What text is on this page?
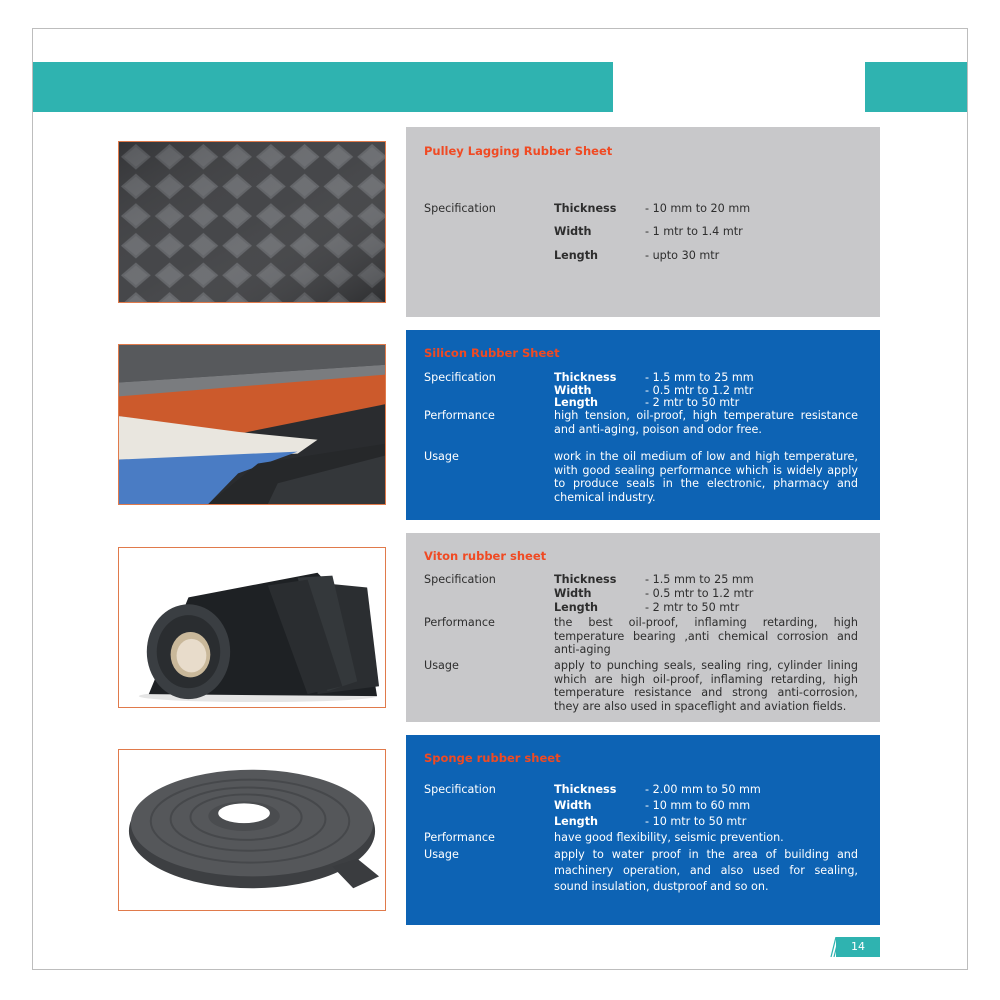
Pulley Lagging Rubber Sheet
Specification	Thickness	- 10 mm to 20 mm
Width	- 1 mtr to 1.4 mtr
Length	- upto 30 mtr
Silicon Rubber Sheet
Specification	Thickness	- 1.5 mm to 25 mm
Width	- 0.5 mtr to 1.2 mtr
Length	- 2 mtr to 50 mtr
Performance	high tension, oil-proof, high temperature resistance and anti-aging, poison and odor free.
Usage	work in the oil medium of low and high temperature, with good sealing performance which is widely apply to produce seals in the electronic, pharmacy and chemical industry.
Viton rubber sheet
Specification	Thickness	- 1.5 mm to 25 mm
Width	- 0.5 mtr to 1.2 mtr
Length	- 2 mtr to 50 mtr
Performance	the best oil-proof, inflaming retarding, high temperature bearing ,anti chemical corrosion and anti-aging
Usage	apply to punching seals, sealing ring, cylinder lining which are high oil-proof, inflaming retarding, high temperature resistance and strong anti-corrosion, they are also used in spaceflight and aviation fields.
Sponge rubber sheet
Specification	Thickness	- 2.00 mm to 50 mm
Width	- 10 mm to 60 mm
Length	- 10 mtr to 50 mtr
Performance	have good flexibility, seismic prevention.
Usage	apply to water proof in the area of building and machinery operation, and also used for sealing, sound insulation, dustproof and so on.
14
